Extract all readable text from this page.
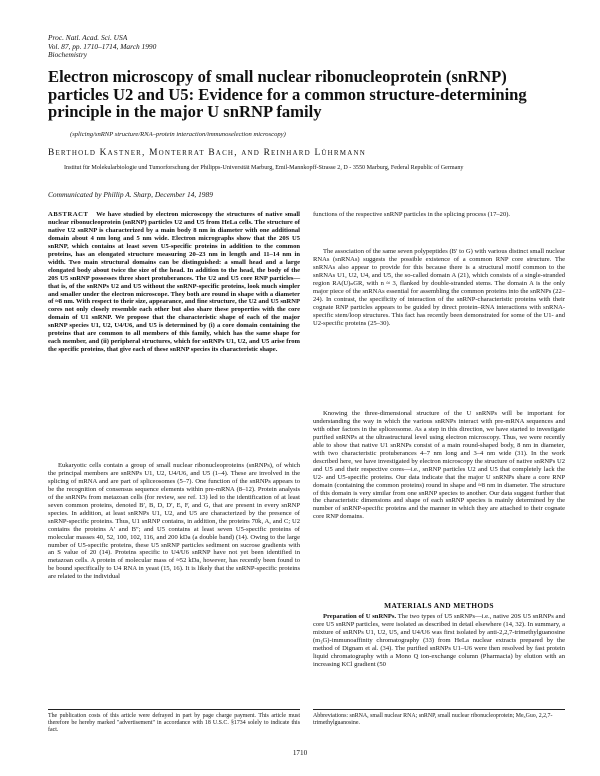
Proc. Natl. Acad. Sci. USA
Vol. 87, pp. 1710–1714, March 1990
Biochemistry
Electron microscopy of small nuclear ribonucleoprotein (snRNP) particles U2 and U5: Evidence for a common structure-determining principle in the major U snRNP family
(splicing/snRNP structure/RNA–protein interaction/immunoselection microscopy)
Berthold Kastner, Monterrat Bach, and Reinhard Lührmann
Institut für Molekularbiologie und Tumorforschung der Philipps-Universität Marburg, Emil-Mannkopff-Strasse 2, D - 3550 Marburg, Federal Republic of Germany
Communicated by Phillip A. Sharp, December 14, 1989
ABSTRACT We have studied by electron microscopy the structures of native small nuclear ribonucleoprotein (snRNP) particles U2 and U5 from HeLa cells. The structure of native U2 snRNP is characterized by a main body 8 nm in diameter with one additional domain about 4 nm long and 5 nm wide. Electron micrographs show that the 20S U5 snRNP, which contains at least seven U5-specific proteins in addition to the common proteins, has an elongated structure measuring 20–23 nm in length and 11–14 nm in width. Two main structural domains can be distinguished: a small head and a large elongated body about twice the size of the head. In addition to the head, the body of the 20S U5 snRNP possesses three short protuberances. The U2 and U5 core RNP particles—that is, of the snRNPs U2 and U5 without the snRNP-specific proteins, look much simpler and smaller under the electron microscope. They both are round in shape with a diameter of ≈8 nm. With respect to their size, appearance, and fine structure, the U2 and U5 snRNP cores not only closely resemble each other but also share these properties with the core domain of U1 snRNP. We propose that the characteristic shape of each of the major snRNP species U1, U2, U4/U6, and U5 is determined by (i) a core domain containing the proteins that are common to all members of this family, which has the same shape for each member, and (ii) peripheral structures, which for snRNPs U1, U2, and U5 arise from the specific proteins, that give each of these snRNP species its characteristic shape.
Eukaryotic cells contain a group of small nuclear ribonucleoproteins (snRNPs), of which the principal members are snRNPs U1, U2, U4/U6, and U5 (1–4). These are involved in the splicing of mRNA and are part of spliceosomes (5–7). One function of the snRNPs appears to be the recognition of consensus sequence elements within pre-mRNA (8–12). Protein analysis of the snRNPs from metazoan cells (for review, see ref. 13) led to the identification of at least seven common proteins, denoted B′, B, D, D′, E, F, and G, that are present in every snRNP species. In addition, at least snRNPs U1, U2, and U5 are characterized by the presence of snRNP-specific proteins. Thus, U1 snRNP contains, in addition, the proteins 70k, A, and C; U2 contains the proteins A′ and B″; and U5 contains at least seven U5-specific proteins of molecular masses 40, 52, 100, 102, 116, and 200 kDa (a double band) (14). Owing to the large number of U5-specific proteins, these U5 snRNP particles sediment on sucrose gradients with an S value of 20 (14). Proteins specific to U4/U6 snRNP have not yet been identified in metazoan cells. A protein of molecular mass of ≈52 kDa, however, has recently been found to be bound specifically to U4 RNA in yeast (15, 16). It is likely that the snRNP-specific proteins are related to the individual
functions of the respective snRNP particles in the splicing process (17–20).
The association of the same seven polypeptides (B′ to G) with various distinct small nuclear RNAs (snRNAs) suggests the possible existence of a common RNP core structure. The snRNAs also appear to provide for this because there is a structural motif common to the snRNAs U1, U2, U4, and U5, the so-called domain A (21), which consists of a single-stranded region RA(U)ₙGR, with n ≈ 3, flanked by double-stranded stems. The domain A is the only major piece of the snRNAs essential for assembling the common proteins into the snRNPs (22–24). In contrast, the specificity of interaction of the snRNP-characteristic proteins with their cognate RNP particles appears to be guided by direct protein–RNA interactions with snRNA-specific stem/loop structures. This fact has recently been demonstrated for some of the U1- and U2-specific proteins (25–30).
Knowing the three-dimensional structure of the U snRNPs will be important for understanding the way in which the various snRNPs interact with pre-mRNA sequences and with other factors in the spliceosome. As a step in this direction, we have started to investigate purified snRNPs at the ultrastructural level using electron microscopy. Thus, we were recently able to show that native U1 snRNPs consist of a main round-shaped body, 8 nm in diameter, with two characteristic protuberances 4–7 nm long and 3–4 nm wide (31). In the work described here, we have investigated by electron microscopy the structure of native snRNPs U2 and U5 and their respective cores—i.e., snRNP particles U2 and U5 that completely lack the U2- and U5-specific proteins. Our data indicate that the major U snRNPs share a core RNP domain (containing the common proteins) round in shape and ≈8 nm in diameter. The structure of this domain is very similar from one snRNP species to another. Our data suggest further that the characteristic dimensions and shape of each snRNP species is mainly determined by the number of snRNP-specific proteins and the manner in which they are attached to their cognate core RNP domains.
MATERIALS AND METHODS
Preparation of U snRNPs. The two types of U5 snRNPs—i.e., native 20S U5 snRNPs and core U5 snRNP particles, were isolated as described in detail elsewhere (14, 32). In summary, a mixture of snRNPs U1, U2, U5, and U4/U6 was first isolated by anti-2,2,7-trimethylguanosine (m₃G)-immunoaffinity chromatography (33) from HeLa nuclear extracts prepared by the method of Dignam et al. (34). The purified snRNPs U1–U6 were then resolved by fast protein liquid chromatography with a Mono Q ion-exchange column (Pharmacia) by elution with an increasing KCl gradient (50
The publication costs of this article were defrayed in part by page charge payment. This article must therefore be hereby marked "advertisement" in accordance with 18 U.S.C. §1734 solely to indicate this fact.
Abbreviations: snRNA, small nuclear RNA; snRNP, small nuclear ribonucleoprotein; Me₃Guo, 2,2,7-trimethylguanosine.
1710
